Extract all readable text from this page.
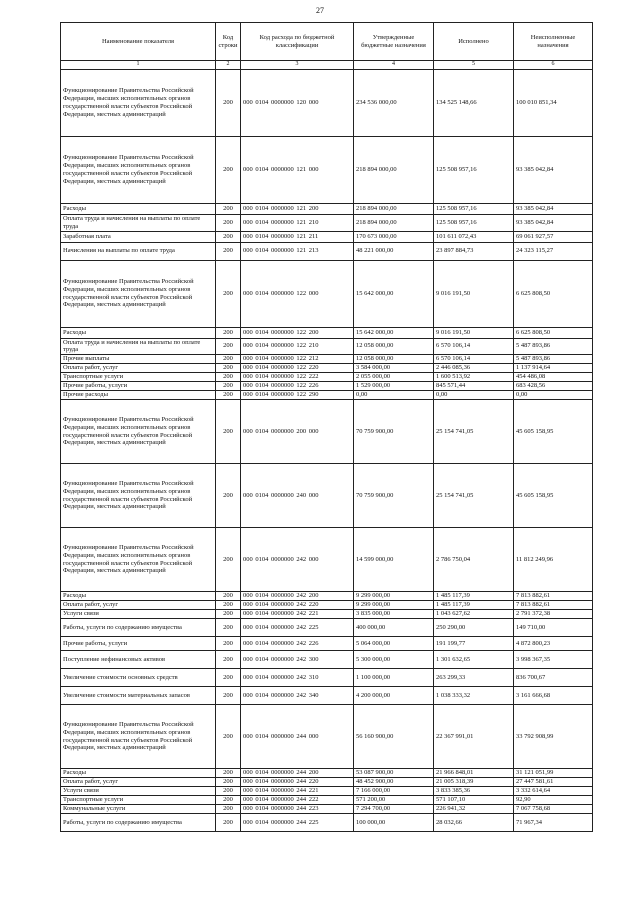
27
Наименование показателя	Код строки	Код расхода по бюджетной классификации	Утвержденные бюджетные назначения	Исполнено	Неисполненные назначения
1	2	3	4	5	6
Функционирование Правительства Российской Федерации, высших исполнительных органов государственной власти субъектов Российской Федерации, местных администраций	200	000 0104 0000000 120 000	234 536 000,00	134 525 148,66	100 010 851,34
Функционирование Правительства Российской Федерации, высших исполнительных органов государственной власти субъектов Российской Федерации, местных администраций	200	000 0104 0000000 121 000	218 894 000,00	125 508 957,16	93 385 042,84
Расходы	200	000 0104 0000000 121 200	218 894 000,00	125 508 957,16	93 385 042,84
Оплата труда и начисления на выплаты по оплате труда	200	000 0104 0000000 121 210	218 894 000,00	125 508 957,16	93 385 042,84
Заработная плата	200	000 0104 0000000 121 211	170 673 000,00	101 611 072,43	69 061 927,57
Начисления на выплаты по оплате труда	200	000 0104 0000000 121 213	48 221 000,00	23 897 884,73	24 323 115,27
Функционирование Правительства Российской Федерации, высших исполнительных органов государственной власти субъектов Российской Федерации, местных администраций	200	000 0104 0000000 122 000	15 642 000,00	9 016 191,50	6 625 808,50
Расходы	200	000 0104 0000000 122 200	15 642 000,00	9 016 191,50	6 625 808,50
Оплата труда и начисления на выплаты по оплате труда	200	000 0104 0000000 122 210	12 058 000,00	6 570 106,14	5 487 893,86
Прочие выплаты	200	000 0104 0000000 122 212	12 058 000,00	6 570 106,14	5 487 893,86
Оплата работ, услуг	200	000 0104 0000000 122 220	3 584 000,00	2 446 085,36	1 137 914,64
Транспортные услуги	200	000 0104 0000000 122 222	2 055 000,00	1 600 513,92	454 486,08
Прочие работы, услуги	200	000 0104 0000000 122 226	1 529 000,00	845 571,44	683 428,56
Прочие расходы	200	000 0104 0000000 122 290	0,00	0,00	0,00
Функционирование Правительства Российской Федерации, высших исполнительных органов государственной власти субъектов Российской Федерации, местных администраций	200	000 0104 0000000 200 000	70 759 900,00	25 154 741,05	45 605 158,95
Функционирование Правительства Российской Федерации, высших исполнительных органов государственной власти субъектов Российской Федерации, местных администраций	200	000 0104 0000000 240 000	70 759 900,00	25 154 741,05	45 605 158,95
Функционирование Правительства Российской Федерации, высших исполнительных органов государственной власти субъектов Российской Федерации, местных администраций	200	000 0104 0000000 242 000	14 599 000,00	2 786 750,04	11 812 249,96
Расходы	200	000 0104 0000000 242 200	9 299 000,00	1 485 117,39	7 813 882,61
Оплата работ, услуг	200	000 0104 0000000 242 220	9 299 000,00	1 485 117,39	7 813 882,61
Услуги связи	200	000 0104 0000000 242 221	3 835 000,00	1 043 627,62	2 791 372,38
Работы, услуги по содержанию имущества	200	000 0104 0000000 242 225	400 000,00	250 290,00	149 710,00
Прочие работы, услуги	200	000 0104 0000000 242 226	5 064 000,00	191 199,77	4 872 800,23
Поступление нефинансовых активов	200	000 0104 0000000 242 300	5 300 000,00	1 301 632,65	3 998 367,35
Увеличение стоимости основных средств	200	000 0104 0000000 242 310	1 100 000,00	263 299,33	836 700,67
Увеличение стоимости материальных запасов	200	000 0104 0000000 242 340	4 200 000,00	1 038 333,32	3 161 666,68
Функционирование Правительства Российской Федерации, высших исполнительных органов государственной власти субъектов Российской Федерации, местных администраций	200	000 0104 0000000 244 000	56 160 900,00	22 367 991,01	33 792 908,99
Расходы	200	000 0104 0000000 244 200	53 087 900,00	21 966 848,01	31 121 051,99
Оплата работ, услуг	200	000 0104 0000000 244 220	48 452 900,00	21 005 318,39	27 447 581,61
Услуги связи	200	000 0104 0000000 244 221	7 166 000,00	3 833 385,36	3 332 614,64
Транспортные услуги	200	000 0104 0000000 244 222	571 200,00	571 107,10	92,90
Коммунальные услуги	200	000 0104 0000000 244 223	7 294 700,00	226 941,32	7 067 758,68
Работы, услуги по содержанию имущества	200	000 0104 0000000 244 225	100 000,00	28 032,66	71 967,34
